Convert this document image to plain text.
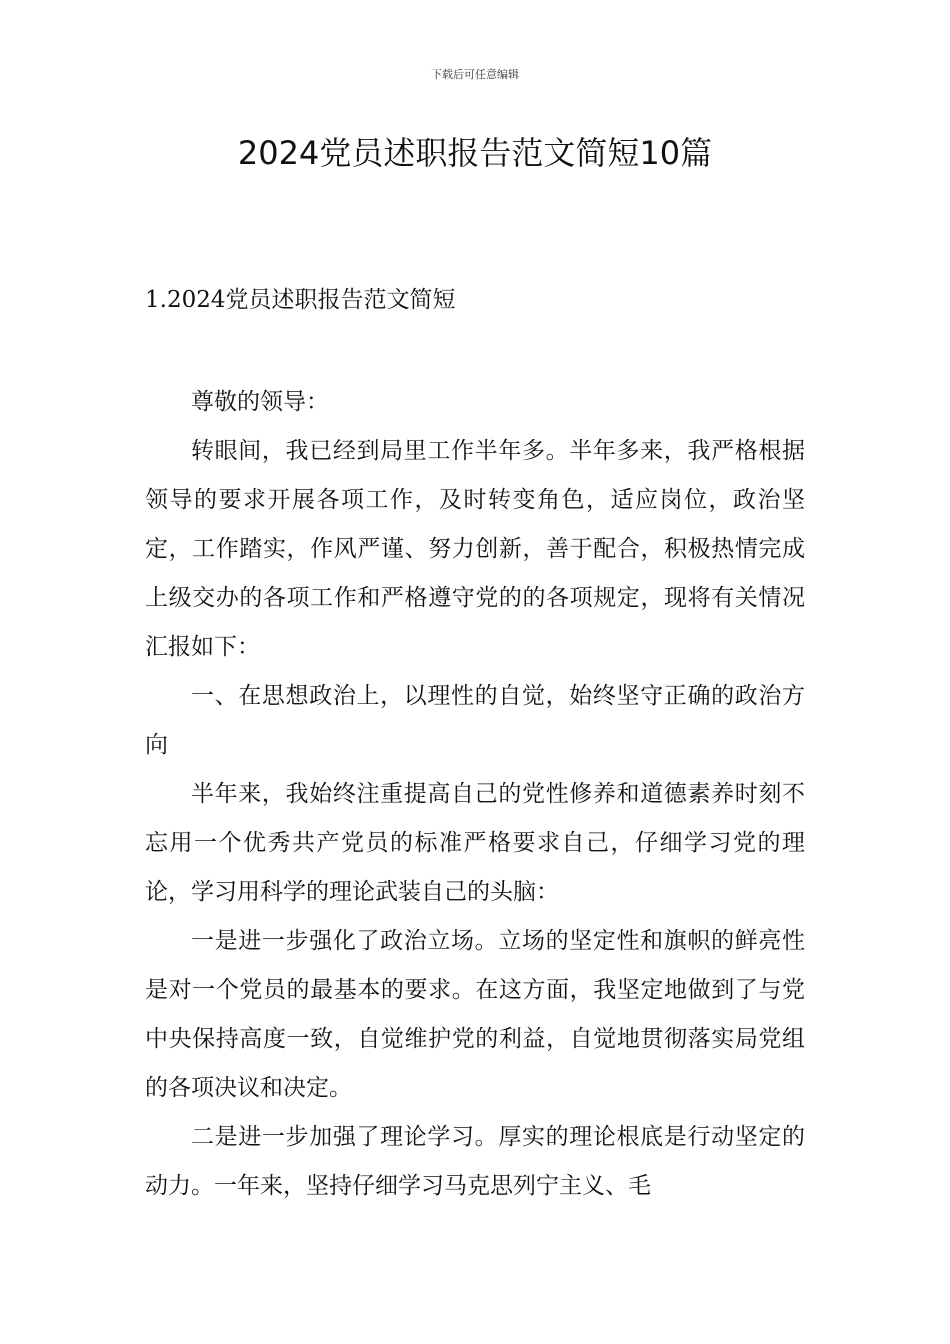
下载后可任意编辑
2024党员述职报告范文简短10篇
1.2024党员述职报告范文简短

尊敬的领导：

转眼间，我已经到局里工作半年多。半年多来，我严格根据领导的要求开展各项工作，及时转变角色，适应岗位，政治坚定，工作踏实，作风严谨、努力创新，善于配合，积极热情完成上级交办的各项工作和严格遵守党的的各项规定，现将有关情况汇报如下：

一、在思想政治上，以理性的自觉，始终坚守正确的政治方向

半年来，我始终注重提高自己的党性修养和道德素养时刻不忘用一个优秀共产党员的标准严格要求自己，仔细学习党的理论，学习用科学的理论武装自己的头脑：

一是进一步强化了政治立场。立场的坚定性和旗帜的鲜亮性是对一个党员的最基本的要求。在这方面，我坚定地做到了与党中央保持高度一致，自觉维护党的利益，自觉地贯彻落实局党组的各项决议和决定。

二是进一步加强了理论学习。厚实的理论根底是行动坚定的动力。一年来，坚持仔细学习马克思列宁主义、毛
